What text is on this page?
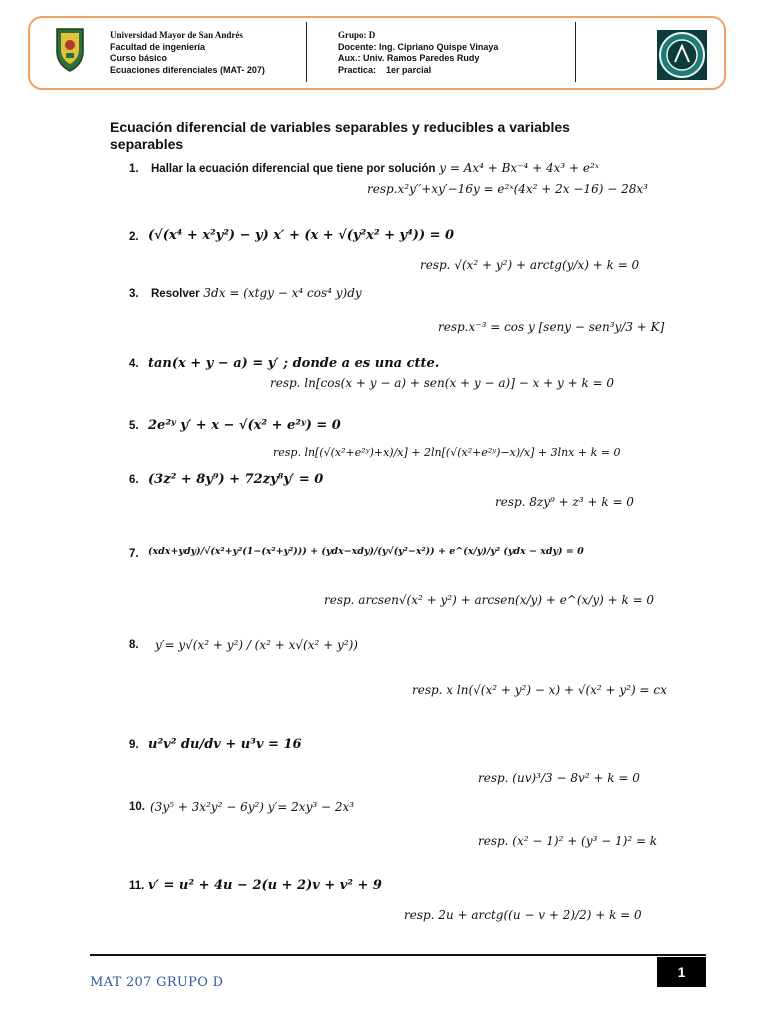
Universidad Mayor de San Andrés
Facultad de ingeniería
Curso básico
Ecuaciones diferenciales (MAT- 207)
Grupo: D
Docente: Ing. Cipriano Quispe Vinaya
Aux.: Univ. Ramos Paredes Rudy
Practica: 1er parcial
Ecuación diferencial de variables separables y reducibles a variables separables
1. Hallar la ecuación diferencial que tiene por solución y = Ax⁴ + Bx⁻⁴ + 4x³ + e²ˣ
resp.x²y′′+xy′−16y = e²ˣ(4x² + 2x −16) − 28x³
2. (√(x⁴ + x²y²) − y) x′ + (x + √(y²x² + y⁴)) = 0
resp. √(x² + y²) + arctg(y/x) + k = 0
3. Resolver 3dx = (xtgy − x⁴ cos⁴ y)dy
resp.x⁻³ = cos y [seny − sen³y/3 + K]
4. tan(x + y − a) = y′ ; donde a es una ctte.
resp. ln[cos(x + y − a) + sen(x + y − a)] − x + y + k = 0
5. 2e²ʸ y′ + x − √(x² + e²ʸ) = 0
resp. ln[(√(x²+e²ʸ)+x)/x] + 2ln[(√(x²+e²ʸ)−x)/x] + 3lnx + k = 0
6. (3z² + 8y⁹) + 72zy⁸y′ = 0
resp. 8zy⁹ + z³ + k = 0
7. (xdx+ydy)/√(x²+y²(1−(x²+y²))) + (ydx−xdy)/(y√(y²−x²)) + e^(x/y)/y² (ydx − xdy) = 0
resp. arcsen√(x² + y²) + arcsen(x/y) + e^(x/y) + k = 0
8. y′= y√(x² + y²) / (x² + x√(x² + y²))
resp. x ln(√(x² + y²) − x) + √(x² + y²) = cx
9. u²v² du/dv + u³v = 16
resp. (uv)³/3 − 8v² + k = 0
10. (3y⁵ + 3x²y² − 6y²) y′= 2xy³ − 2x³
resp. (x² − 1)² + (y³ − 1)² = k
11. v′ = u² + 4u − 2(u + 2)v + v² + 9
resp. 2u + arctg((u − v + 2)/2) + k = 0
MAT 207 GRUPO D
1
